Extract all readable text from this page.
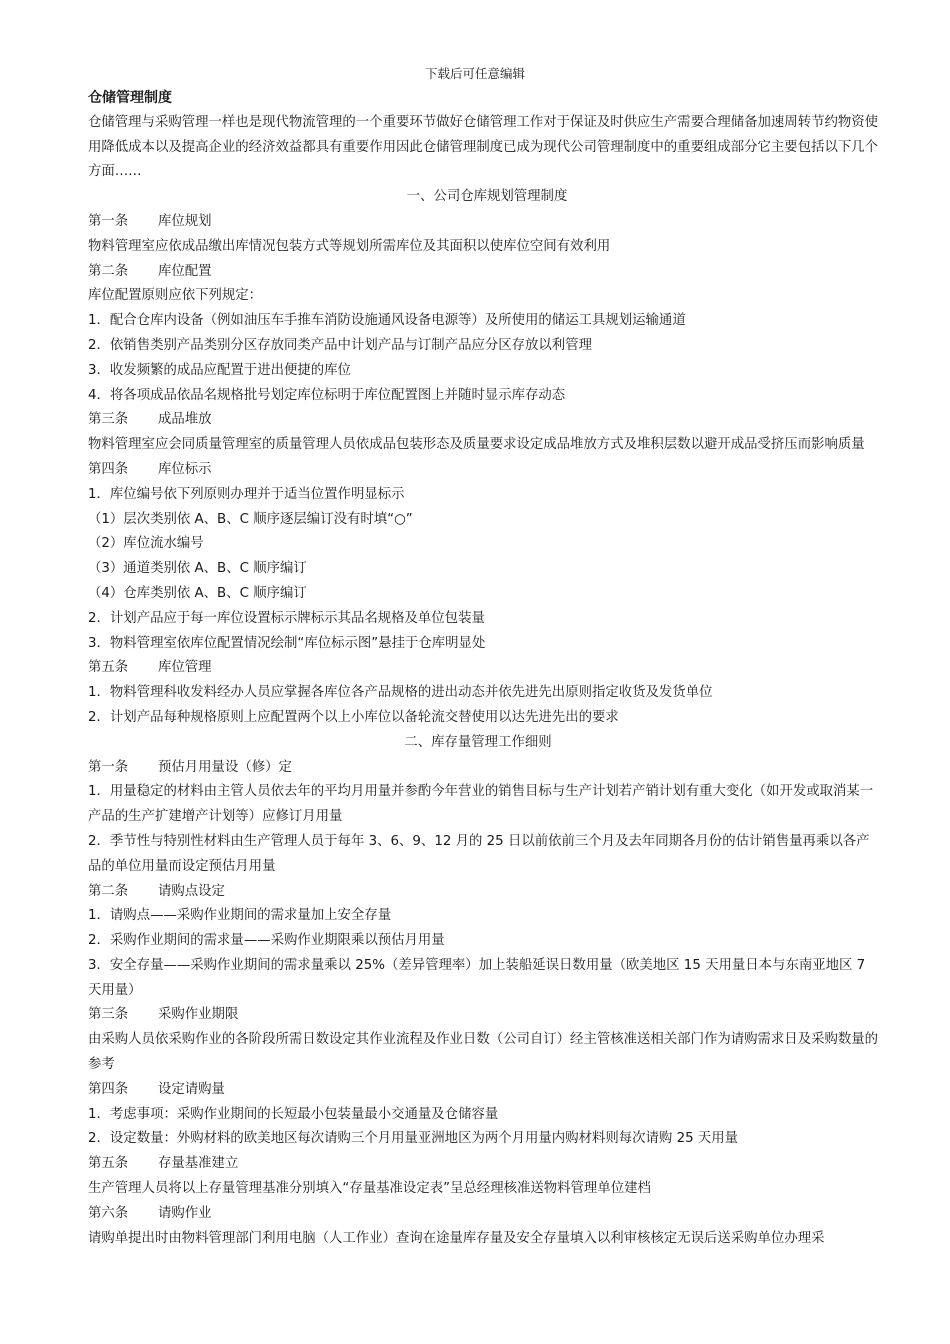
下载后可任意编辑

仓储管理制度

仓储管理与采购管理一样也是现代物流管理的一个重要环节做好仓储管理工作对于保证及时供应生产需要合理储备加速周转节约物资使用降低成本以及提高企业的经济效益都具有重要作用因此仓储管理制度已成为现代公司管理制度中的重要组成部分它主要包括以下几个方面……

一、公司仓库规划管理制度

第一条	库位规划

物料管理室应依成品缴出库情况包装方式等规划所需库位及其面积以使库位空间有效利用

第二条	库位配置

库位配置原则应依下列规定：

1．配合仓库内设备（例如油压车手推车消防设施通风设备电源等）及所使用的储运工具规划运输通道

2．依销售类别产品类别分区存放同类产品中计划产品与订制产品应分区存放以利管理

3．收发频繁的成品应配置于进出便捷的库位

4．将各项成品依品名规格批号划定库位标明于库位配置图上并随时显示库存动态

第三条	成品堆放

物料管理室应会同质量管理室的质量管理人员依成品包装形态及质量要求设定成品堆放方式及堆积层数以避开成品受挤压而影响质量

第四条	库位标示

1．库位编号依下列原则办理并于适当位置作明显标示

（1）层次类别依 A、B、C 顺序逐层编订没有时填“○”

（2）库位流水编号

（3）通道类别依 A、B、C 顺序编订

（4）仓库类别依 A、B、C 顺序编订

2．计划产品应于每一库位设置标示牌标示其品名规格及单位包装量

3．物料管理室依库位配置情况绘制“库位标示图”悬挂于仓库明显处

第五条	库位管理

1．物料管理科收发料经办人员应掌握各库位各产品规格的进出动态并依先进先出原则指定收货及发货单位

2．计划产品每种规格原则上应配置两个以上小库位以备轮流交替使用以达先进先出的要求

二、库存量管理工作细则

第一条	预估月用量设（修）定

1．用量稳定的材料由主管人员依去年的平均月用量并参酌今年营业的销售目标与生产计划若产销计划有重大变化（如开发或取消某一产品的生产扩建增产计划等）应修订月用量

2．季节性与特别性材料由生产管理人员于每年 3、6、9、12 月的 25 日以前依前三个月及去年同期各月份的估计销售量再乘以各产品的单位用量而设定预估月用量

第二条	请购点设定

1．请购点——采购作业期间的需求量加上安全存量

2．采购作业期间的需求量——采购作业期限乘以预估月用量

3．安全存量——采购作业期间的需求量乘以 25%（差异管理率）加上装船延误日数用量（欧美地区 15 天用量日本与东南亚地区 7 天用量）

第三条	采购作业期限

由采购人员依采购作业的各阶段所需日数设定其作业流程及作业日数（公司自订）经主管核准送相关部门作为请购需求日及采购数量的参考

第四条	设定请购量

1．考虑事项：采购作业期间的长短最小包装量最小交通量及仓储容量

2．设定数量：外购材料的欧美地区每次请购三个月用量亚洲地区为两个月用量内购材料则每次请购 25 天用量

第五条	存量基准建立

生产管理人员将以上存量管理基准分别填入“存量基准设定表”呈总经理核准送物料管理单位建档

第六条	请购作业

请购单提出时由物料管理部门利用电脑（人工作业）查询在途量库存量及安全存量填入以利审核核定无误后送采购单位办理采
